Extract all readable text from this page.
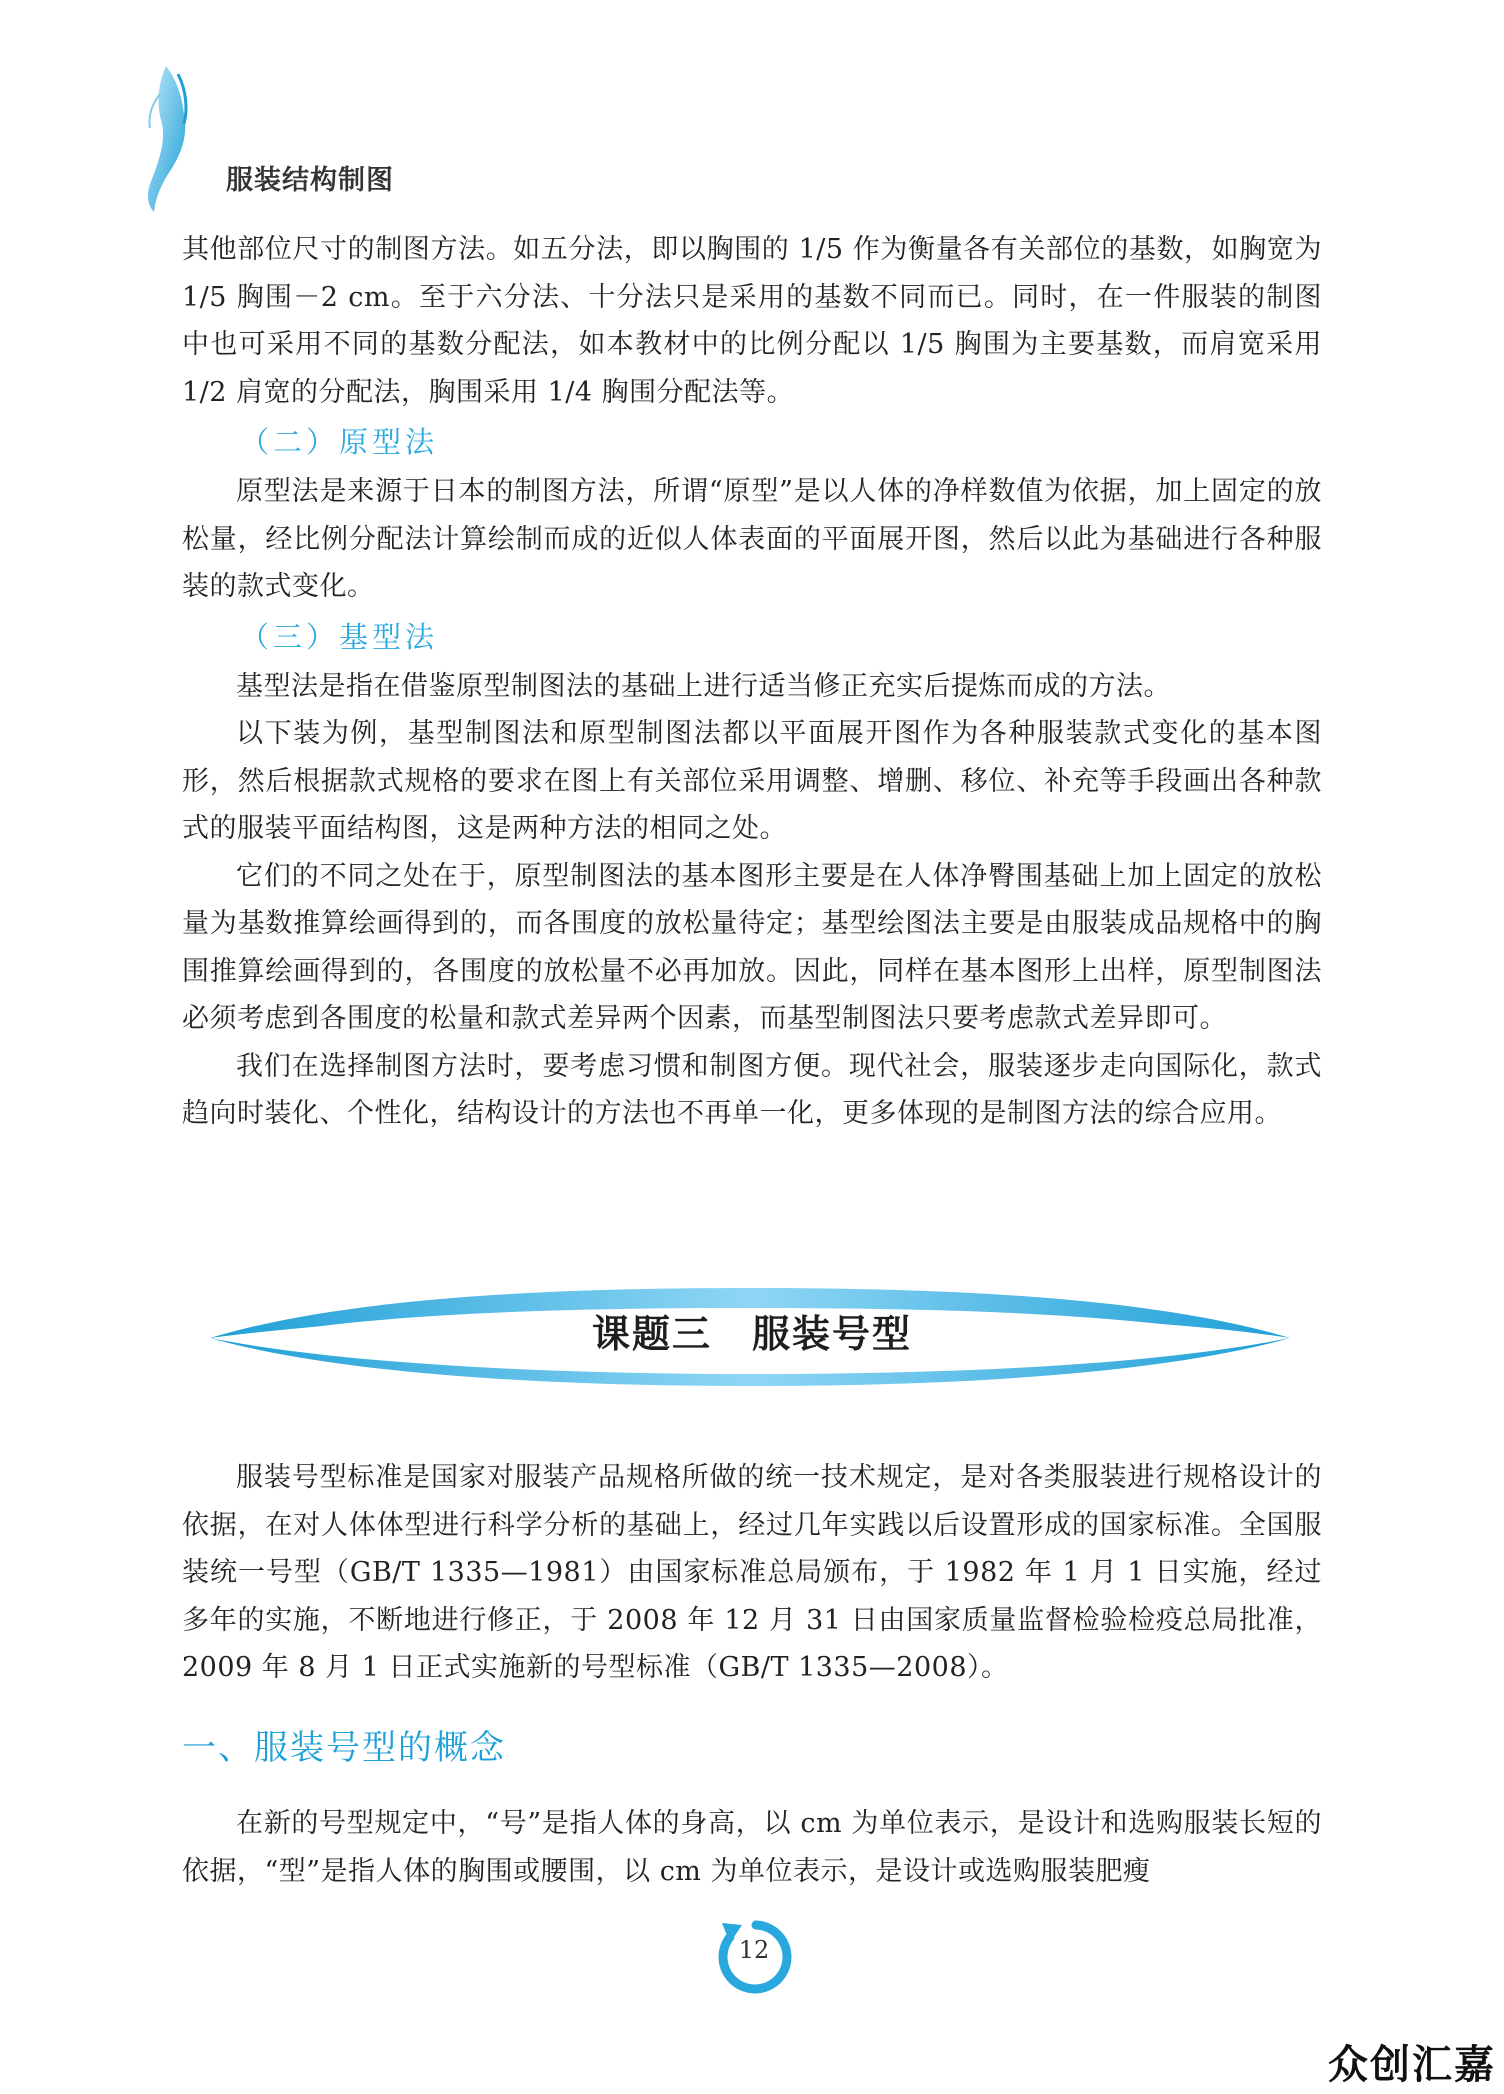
服装结构制图

其他部位尺寸的制图方法。如五分法，即以胸围的 1/5 作为衡量各有关部位的基数，如胸宽为 1/5 胸围－2 cm。至于六分法、十分法只是采用的基数不同而已。同时，在一件服装的制图中也可采用不同的基数分配法，如本教材中的比例分配以 1/5 胸围为主要基数，而肩宽采用 1/2 肩宽的分配法，胸围采用 1/4 胸围分配法等。

（二）原型法

原型法是来源于日本的制图方法，所谓“原型”是以人体的净样数值为依据，加上固定的放松量，经比例分配法计算绘制而成的近似人体表面的平面展开图，然后以此为基础进行各种服装的款式变化。

（三）基型法

基型法是指在借鉴原型制图法的基础上进行适当修正充实后提炼而成的方法。

以下装为例，基型制图法和原型制图法都以平面展开图作为各种服装款式变化的基本图形，然后根据款式规格的要求在图上有关部位采用调整、增删、移位、补充等手段画出各种款式的服装平面结构图，这是两种方法的相同之处。

它们的不同之处在于，原型制图法的基本图形主要是在人体净臀围基础上加上固定的放松量为基数推算绘画得到的，而各围度的放松量待定；基型绘图法主要是由服装成品规格中的胸围推算绘画得到的，各围度的放松量不必再加放。因此，同样在基本图形上出样，原型制图法必须考虑到各围度的松量和款式差异两个因素，而基型制图法只要考虑款式差异即可。

我们在选择制图方法时，要考虑习惯和制图方便。现代社会，服装逐步走向国际化，款式趋向时装化、个性化，结构设计的方法也不再单一化，更多体现的是制图方法的综合应用。

课题三　服装号型

服装号型标准是国家对服装产品规格所做的统一技术规定，是对各类服装进行规格设计的依据，在对人体体型进行科学分析的基础上，经过几年实践以后设置形成的国家标准。全国服装统一号型（GB/T 1335—1981）由国家标准总局颁布，于 1982 年 1 月 1 日实施，经过多年的实施，不断地进行修正，于 2008 年 12 月 31 日由国家质量监督检验检疫总局批准，2009 年 8 月 1 日正式实施新的号型标准（GB/T 1335—2008）。

一、服装号型的概念

在新的号型规定中，“号”是指人体的身高，以 cm 为单位表示，是设计和选购服装长短的依据，“型”是指人体的胸围或腰围，以 cm 为单位表示，是设计或选购服装肥瘦

12
众创汇嘉
